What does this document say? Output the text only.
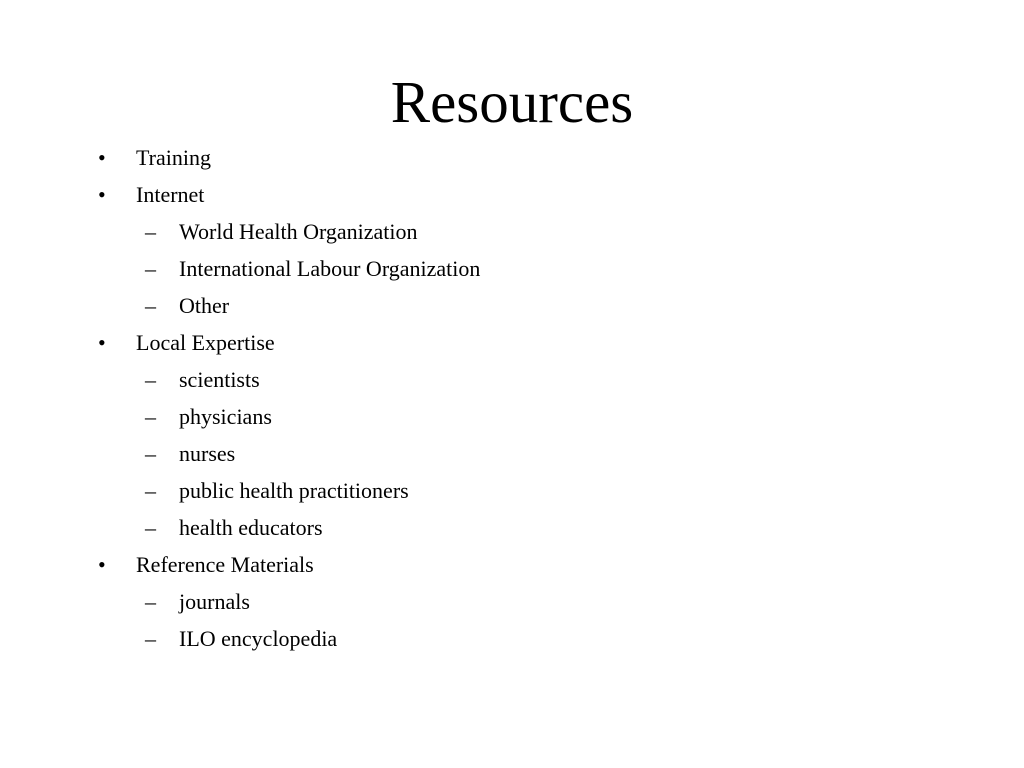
Resources
•	Training
•	Internet
–	World Health Organization
–	International Labour Organization
–	Other
•	Local Expertise
–	scientists
–	physicians
–	nurses
–	public health practitioners
–	health educators
•	Reference Materials
–	journals
–	ILO encyclopedia
